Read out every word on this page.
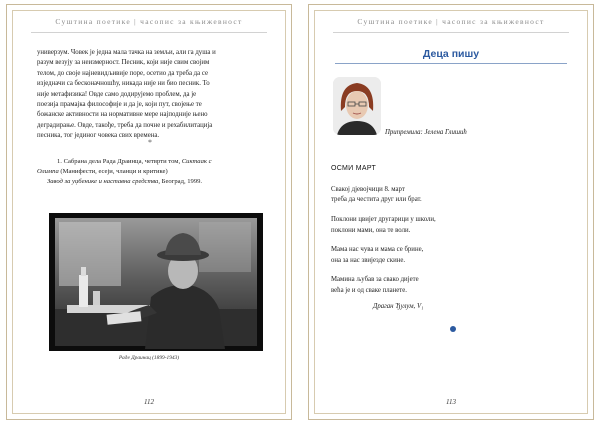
Суштина поетике | часопис за књижевност
универзум. Човек је једна мала тачка на земљи, али га душа и
разум везују за неизмерност. Песник, који није свим својим
телом, до своје најневидљивије поре, осетио да треба да се
изједначи са бесконачношћу, никада није ни био песник. То
није метафизика! Овде само додирујемо проблем, да је
поезија прамајка философије и да је, који пут, својење те
божанске активности на нормативне мере најподније њено
деградирање. Овде, такође, треба да почне и рехабилитација
песника, тог јединог човека свих времена.
*
1. Сабрана дела Рада Драинца, четврти том, Сиктаак с
Олимпа (Манифести, есеји, чланци и критике)
Завод за уџбенике и наставна средства, Београд, 1999.
Раде Драинац (1899-1943)
112
Суштина поетике | часопис за књижевност
Деца пишу
Припремила: Јелена Глишић
ОСМИ МАРТ
Свакој дјевојчици 8. март
треба да честита друг или брат.
Поклони цвијет другарици у школи,
поклони мами, она те воли.
Мама нас чува и мама се брине,
она за нас звијезде скине.
Мамина љубав за свако дијете
већа је и од сваке планете.
Драган Ђулум, V₁
113
